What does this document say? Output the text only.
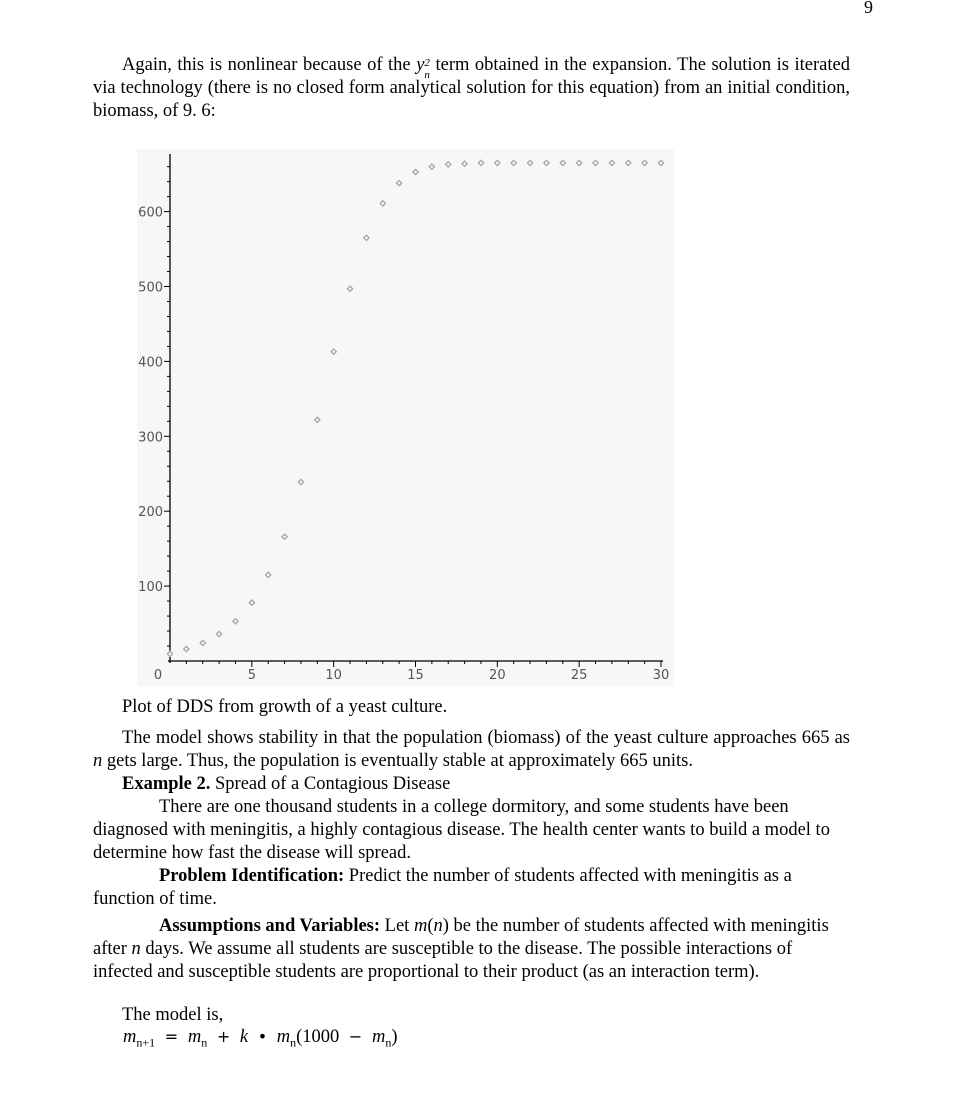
9
Again, this is nonlinear because of the y 2
n term obtained in the expansion. The solution is iterated via technology (there is no closed form analytical solution for this equation) from an initial condition, biomass, of 9. 6:
0	5	10	15	20	25	30
100
200
300
400
500
600
Plot of DDS from growth of a yeast culture.
The model shows stability in that the population (biomass) of the yeast culture approaches 665 as n gets large. Thus, the population is eventually stable at approximately 665 units.
Example 2. Spread of a Contagious Disease
There are one thousand students in a college dormitory, and some students have been diagnosed with meningitis, a highly contagious disease. The health center wants to build a model to determine how fast the disease will spread.
Problem Identification: Predict the number of students affected with meningitis as a function of time.
Assumptions and Variables: Let m(n) be the number of students affected with meningitis after n days. We assume all students are susceptible to the disease. The possible interactions of infected and susceptible students are proportional to their product (as an interaction term).
The model is,
$m_{n+1} = m_n + k$ • $m_n(1000 - m_n)$
